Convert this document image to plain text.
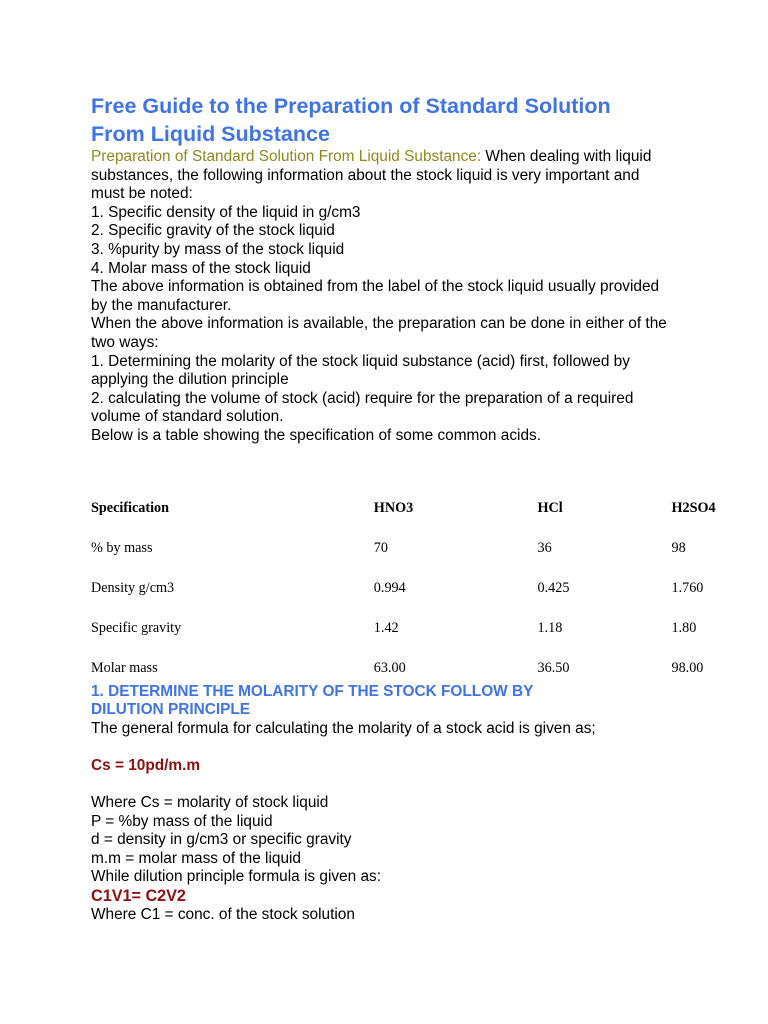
Free Guide to the Preparation of Standard Solution
From Liquid Substance
Preparation of Standard Solution From Liquid Substance: When dealing with liquid
substances, the following information about the stock liquid is very important and
must be noted:
1. Specific density of the liquid in g/cm3
2. Specific gravity of the stock liquid
3. %purity by mass of the stock liquid
4. Molar mass of the stock liquid
The above information is obtained from the label of the stock liquid usually provided
by the manufacturer.
When the above information is available, the preparation can be done in either of the
two ways:
1. Determining the molarity of the stock liquid substance (acid) first, followed by
applying the dilution principle
2. calculating the volume of stock (acid) require for the preparation of a required
volume of standard solution.
Below is a table showing the specification of some common acids.
Specification	HNO3	HCl	H2SO4
% by mass	70	36	98
Density g/cm3	0.994	0.425	1.760
Specific gravity	1.42	1.18	1.80
Molar mass	63.00	36.50	98.00
1. DETERMINE THE MOLARITY OF THE STOCK FOLLOW BY
DILUTION PRINCIPLE
The general formula for calculating the molarity of a stock acid is given as;
Cs = 10pd/m.m
Where Cs = molarity of stock liquid
P = %by mass of the liquid
d = density in g/cm3 or specific gravity
m.m = molar mass of the liquid
While dilution principle formula is given as:
C1V1= C2V2
Where C1 = conc. of the stock solution
